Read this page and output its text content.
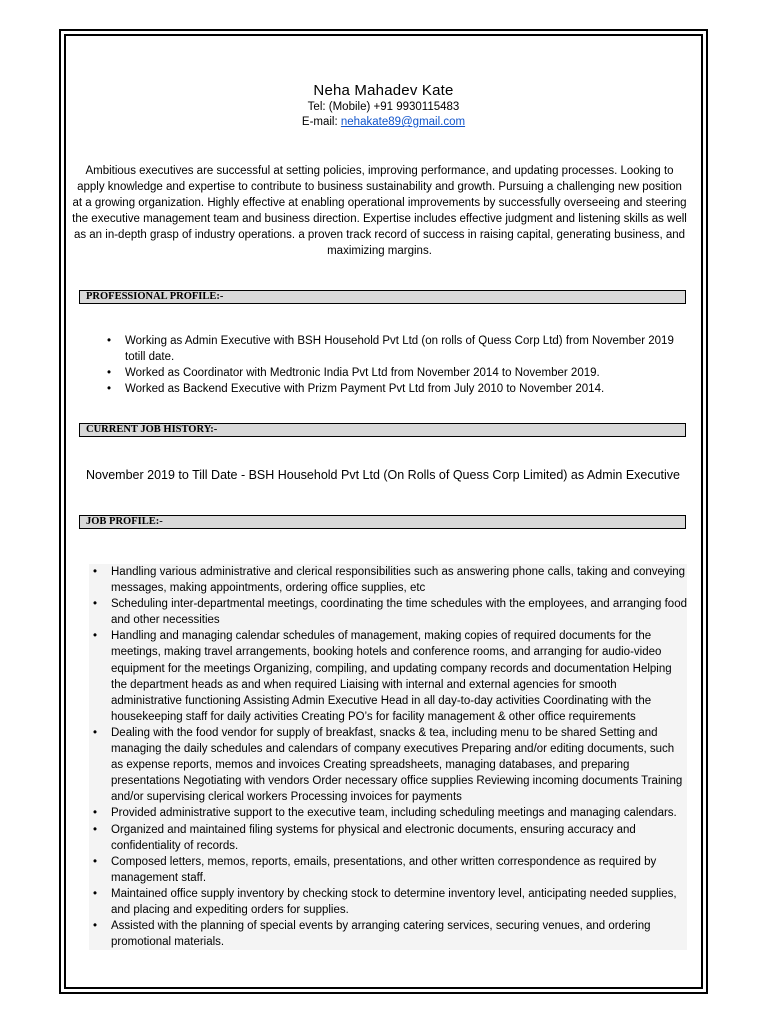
Neha Mahadev Kate
Tel: (Mobile) +91 9930115483
E-mail: nehakate89@gmail.com
Ambitious executives are successful at setting policies, improving performance, and updating processes. Looking to apply knowledge and expertise to contribute to business sustainability and growth. Pursuing a challenging new position at a growing organization. Highly effective at enabling operational improvements by successfully overseeing and steering the executive management team and business direction. Expertise includes effective judgment and listening skills as well as an in-depth grasp of industry operations. a proven track record of success in raising capital, generating business, and maximizing margins.
PROFESSIONAL PROFILE:-
• Working as Admin Executive with BSH Household Pvt Ltd (on rolls of Quess Corp Ltd) from November 2019 totill date.
• Worked as Coordinator with Medtronic India Pvt Ltd from November 2014 to November 2019.
• Worked as Backend Executive with Prizm Payment Pvt Ltd from July 2010 to November 2014.
CURRENT JOB HISTORY:-
November 2019 to Till Date - BSH Household Pvt Ltd (On Rolls of Quess Corp Limited) as Admin Executive
JOB PROFILE:-
• Handling various administrative and clerical responsibilities such as answering phone calls, taking and conveying messages, making appointments, ordering office supplies, etc
• Scheduling inter-departmental meetings, coordinating the time schedules with the employees, and arranging food and other necessities
• Handling and managing calendar schedules of management, making copies of required documents for the meetings, making travel arrangements, booking hotels and conference rooms, and arranging for audio-video equipment for the meetings Organizing, compiling, and updating company records and documentation Helping the department heads as and when required Liaising with internal and external agencies for smooth administrative functioning Assisting Admin Executive Head in all day-to-day activities Coordinating with the housekeeping staff for daily activities Creating PO’s for facility management & other office requirements
• Dealing with the food vendor for supply of breakfast, snacks & tea, including menu to be shared Setting and managing the daily schedules and calendars of company executives Preparing and/or editing documents, such as expense reports, memos and invoices Creating spreadsheets, managing databases, and preparing presentations Negotiating with vendors Order necessary office supplies Reviewing incoming documents Training and/or supervising clerical workers Processing invoices for payments
• Provided administrative support to the executive team, including scheduling meetings and managing calendars.
• Organized and maintained filing systems for physical and electronic documents, ensuring accuracy and confidentiality of records.
• Composed letters, memos, reports, emails, presentations, and other written correspondence as required by management staff.
• Maintained office supply inventory by checking stock to determine inventory level, anticipating needed supplies, and placing and expediting orders for supplies.
• Assisted with the planning of special events by arranging catering services, securing venues, and ordering promotional materials.
